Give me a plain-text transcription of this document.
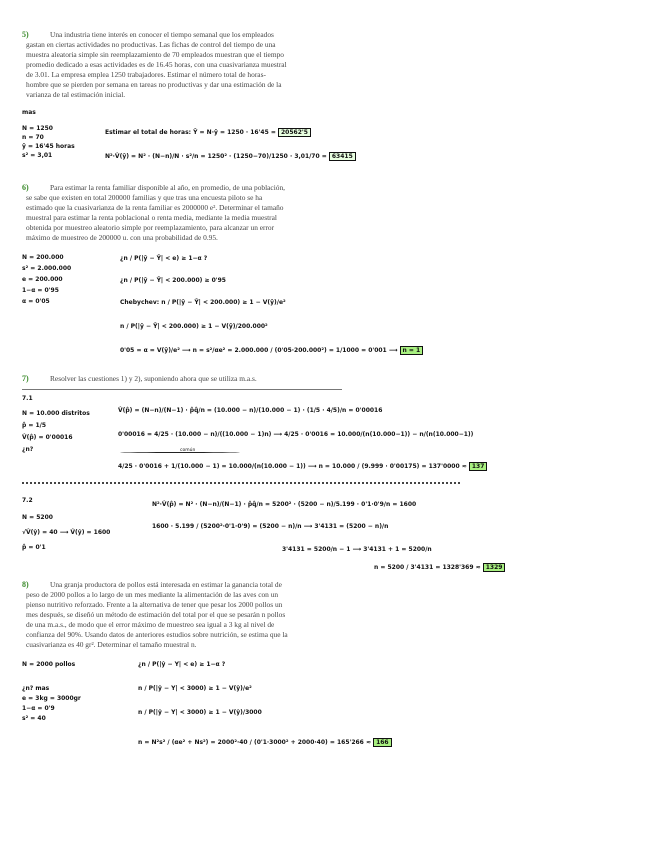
5)	Una industria tiene interés en conocer el tiempo semanal que los empleados
gastan en ciertas actividades no productivas. Las fichas de control del tiempo de una
muestra aleatoria simple sin reemplazamiento de 70 empleados muestran que el tiempo
promedio dedicado a esas actividades es de 16.45 horas, con una cuasivarianza muestral
de 3.01. La empresa emplea 1250 trabajadores. Estimar el número total de horas-
hombre que se pierden por semana en tareas no productivas y dar una estimación de la
varianza de tal estimación inicial.
mas
N = 1250
n = 70
ȳ = 16'45 horas
s² = 3,01
Estimar el total de horas: Ŷ = N·ȳ = 1250 · 16'45 = 20562'5
N²·V̂(ȳ) = N² · (N−n)/N · s²/n = 1250² · (1250−70)/1250 · 3,01/70 = 63415
6)	Para estimar la renta familiar disponible al año, en promedio, de una población,
se sabe que existen en total 200000 familias y que tras una encuesta piloto se ha
estimado que la cuasivarianza de la renta familiar es 2000000 e². Determinar el tamaño
muestral para estimar la renta poblacional o renta media, mediante la media muestral
obtenida por muestreo aleatorio simple por reemplazamiento, para alcanzar un error
máximo de muestreo de 200000 u. con una probabilidad de 0.95.
N = 200.000
s² = 2.000.000
e = 200.000
1−α = 0'95
α = 0'05
¿n / P(|ȳ − Ȳ| < e) ≥ 1−α ?
¿n / P(|ȳ − Ȳ| < 200.000) ≥ 0'95
Chebychev: n / P(|ȳ − Ȳ| < 200.000) ≥ 1 − V(ȳ)/e²
n / P(|ȳ − Ȳ| < 200.000) ≥ 1 − V(ȳ)/200.000²
0'05 = α = V(ȳ)/e² ⟶ n = s²/αe² = 2.000.000 / (0'05·200.000²) = 1/1000 = 0'001 ⟶ n = 1
7)	Resolver las cuestiones 1) y 2), suponiendo ahora que se utiliza m.a.s.
7.1
N = 10.000 distritos
p̂ = 1/5
V̂(p̂) = 0'00016
¿n?
V̂(p̂) = (N−n)/(N−1) · p̂q̂/n = (10.000 − n)/(10.000 − 1) · (1/5 · 4/5)/n = 0'00016
0'00016 = 4/25 · (10.000 − n)/((10.000 − 1)n) ⟶ 4/25 · 0'0016 = 10.000/(n(10.000−1)) − n/(n(10.000−1))
común
4/25 · 0'0016 + 1/(10.000 − 1) = 10.000/(n(10.000 − 1)) ⟶ n = 10.000 / (9.999 · 0'00175) = 137'0000 ≈ 137
7.2
N = 5200
√V̂(ŷ) = 40 ⟶ V̂(ŷ) = 1600
p̂ = 0'1
N²·V̂(p̂) = N² · (N−n)/(N−1) · p̂q̂/n = 5200² · (5200 − n)/5.199 · 0'1·0'9/n = 1600
1600 · 5.199 / (5200²·0'1·0'9) = (5200 − n)/n ⟶ 3'4131 = (5200 − n)/n
3'4131 = 5200/n − 1 ⟶ 3'4131 + 1 = 5200/n
n = 5200 / 3'4131 = 1328'369 ≈ 1329
8)	Una granja productora de pollos está interesada en estimar la ganancia total de
peso de 2000 pollos a lo largo de un mes mediante la alimentación de las aves con un
pienso nutritivo reforzado. Frente a la alternativa de tener que pesar los 2000 pollos un
mes después, se diseñó un método de estimación del total por el que se pesarán n pollos
de una m.a.s., de modo que el error máximo de muestreo sea igual a 3 kg al nivel de
confianza del 90%. Usando datos de anteriores estudios sobre nutrición, se estima que la
cuasivarianza es 40 gr². Determinar el tamaño muestral n.
N = 2000 pollos
¿n? mas
e = 3kg = 3000gr
1−α = 0'9
s² = 40
¿n / P(|ŷ − Y| < e) ≥ 1−α ?
n / P(|ŷ − Y| < 3000) ≥ 1 − V(ŷ)/e²
n / P(|ŷ − Y| < 3000) ≥ 1 − V(ŷ)/3000
n = N²s² / (αe² + Ns²) = 2000²·40 / (0'1·3000² + 2000·40) = 165'266 ≈ 166
